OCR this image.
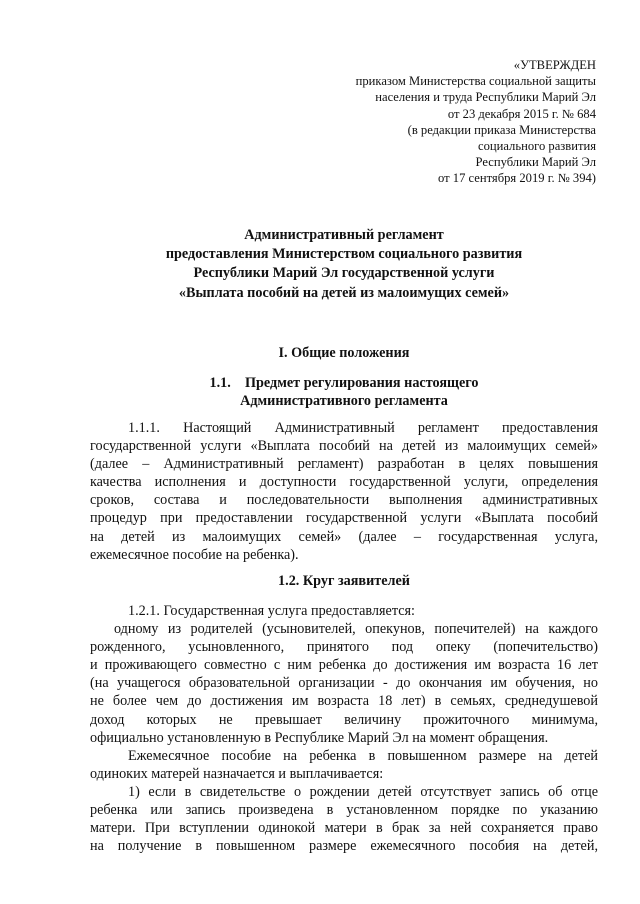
«УТВЕРЖДЕН
приказом Министерства социальной защиты
населения и труда Республики Марий Эл
от 23 декабря 2015 г. № 684
(в редакции приказа Министерства
социального развития
Республики Марий Эл
от 17 сентября 2019 г. № 394)
Административный регламент
предоставления Министерством социального развития
Республики Марий Эл государственной услуги
«Выплата пособий на детей из малоимущих семей»
I. Общие положения
1.1.    Предмет регулирования настоящего
Административного регламента
1.1.1. Настоящий Административный регламент предоставления
государственной услуги «Выплата пособий на детей из малоимущих семей»
(далее – Административный регламент) разработан в целях повышения
качества исполнения и доступности государственной услуги, определения
сроков, состава и последовательности выполнения административных
процедур при предоставлении государственной услуги «Выплата пособий
на детей из малоимущих семей» (далее – государственная услуга,
ежемесячное пособие на ребенка).
1.2. Круг заявителей
1.2.1. Государственная услуга предоставляется:
одному из родителей (усыновителей, опекунов, попечителей) на каждого
рожденного, усыновленного, принятого под опеку (попечительство)
и проживающего совместно с ним ребенка до достижения им возраста 16 лет
(на учащегося образовательной организации - до окончания им обучения, но
не более чем до достижения им возраста 18 лет) в семьях, среднедушевой
доход которых не превышает величину прожиточного минимума,
официально установленную в Республике Марий Эл на момент обращения.
Ежемесячное пособие на ребенка в повышенном размере на детей
одиноких матерей назначается и выплачивается:
1) если в свидетельстве о рождении детей отсутствует запись об отце
ребенка или запись произведена в установленном порядке по указанию
матери. При вступлении одинокой матери в брак за ней сохраняется право
на получение в повышенном размере ежемесячного пособия на детей,
